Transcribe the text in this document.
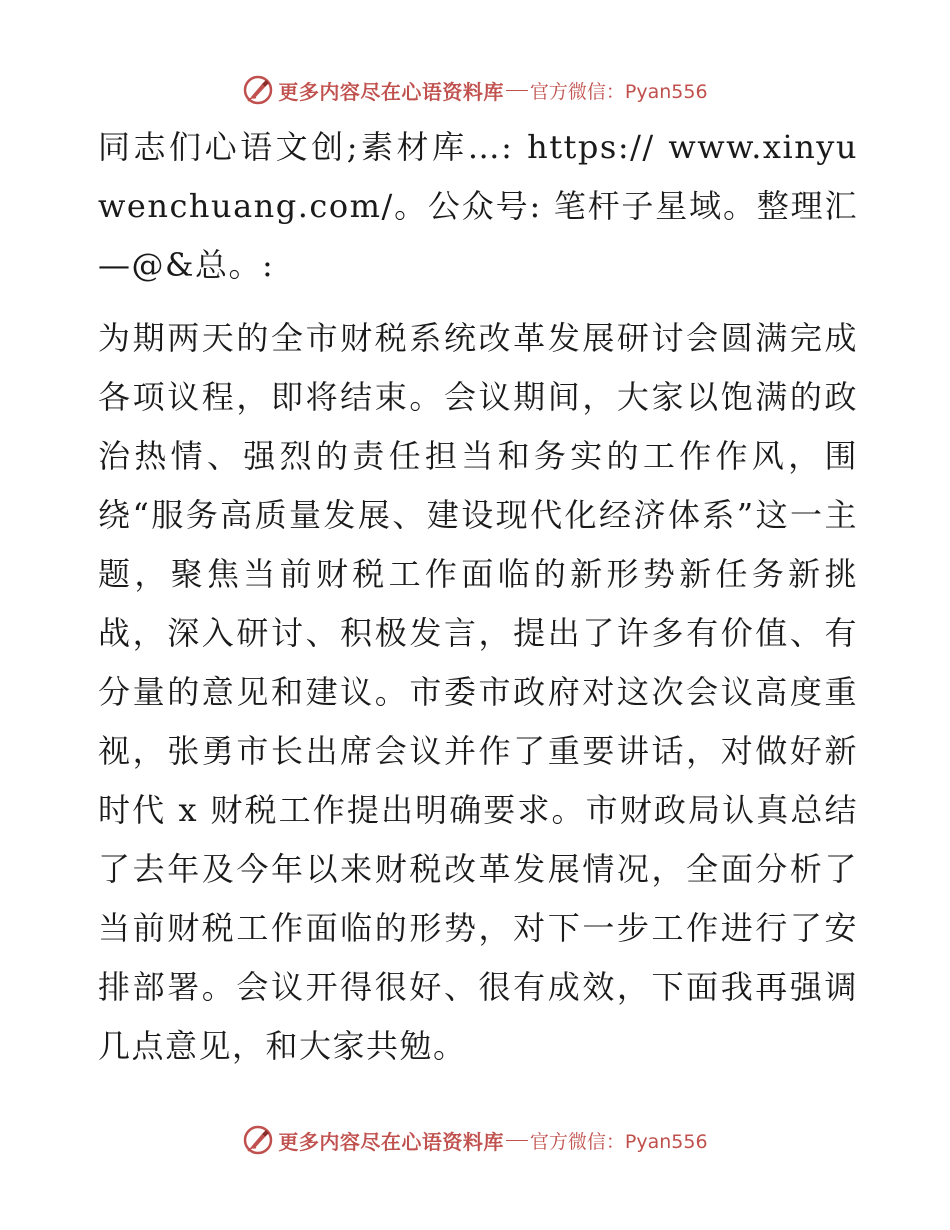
更多内容尽在心语资料库 官方微信：Pyan556

同志们心语文创;素材库…: https:// www.xinyuwenchuang.com/。公众号: 笔杆子星域。整理汇—@&总。:

为期两天的全市财税系统改革发展研讨会圆满完成各项议程，即将结束。会议期间，大家以饱满的政治热情、强烈的责任担当和务实的工作作风，围绕“服务高质量发展、建设现代化经济体系”这一主题，聚焦当前财税工作面临的新形势新任务新挑战，深入研讨、积极发言，提出了许多有价值、有分量的意见和建议。市委市政府对这次会议高度重视，张勇市长出席会议并作了重要讲话，对做好新时代 x 财税工作提出明确要求。市财政局认真总结了去年及今年以来财税改革发展情况，全面分析了当前财税工作面临的形势，对下一步工作进行了安排部署。会议开得很好、很有成效，下面我再强调几点意见，和大家共勉。

更多内容尽在心语资料库 官方微信：Pyan556
